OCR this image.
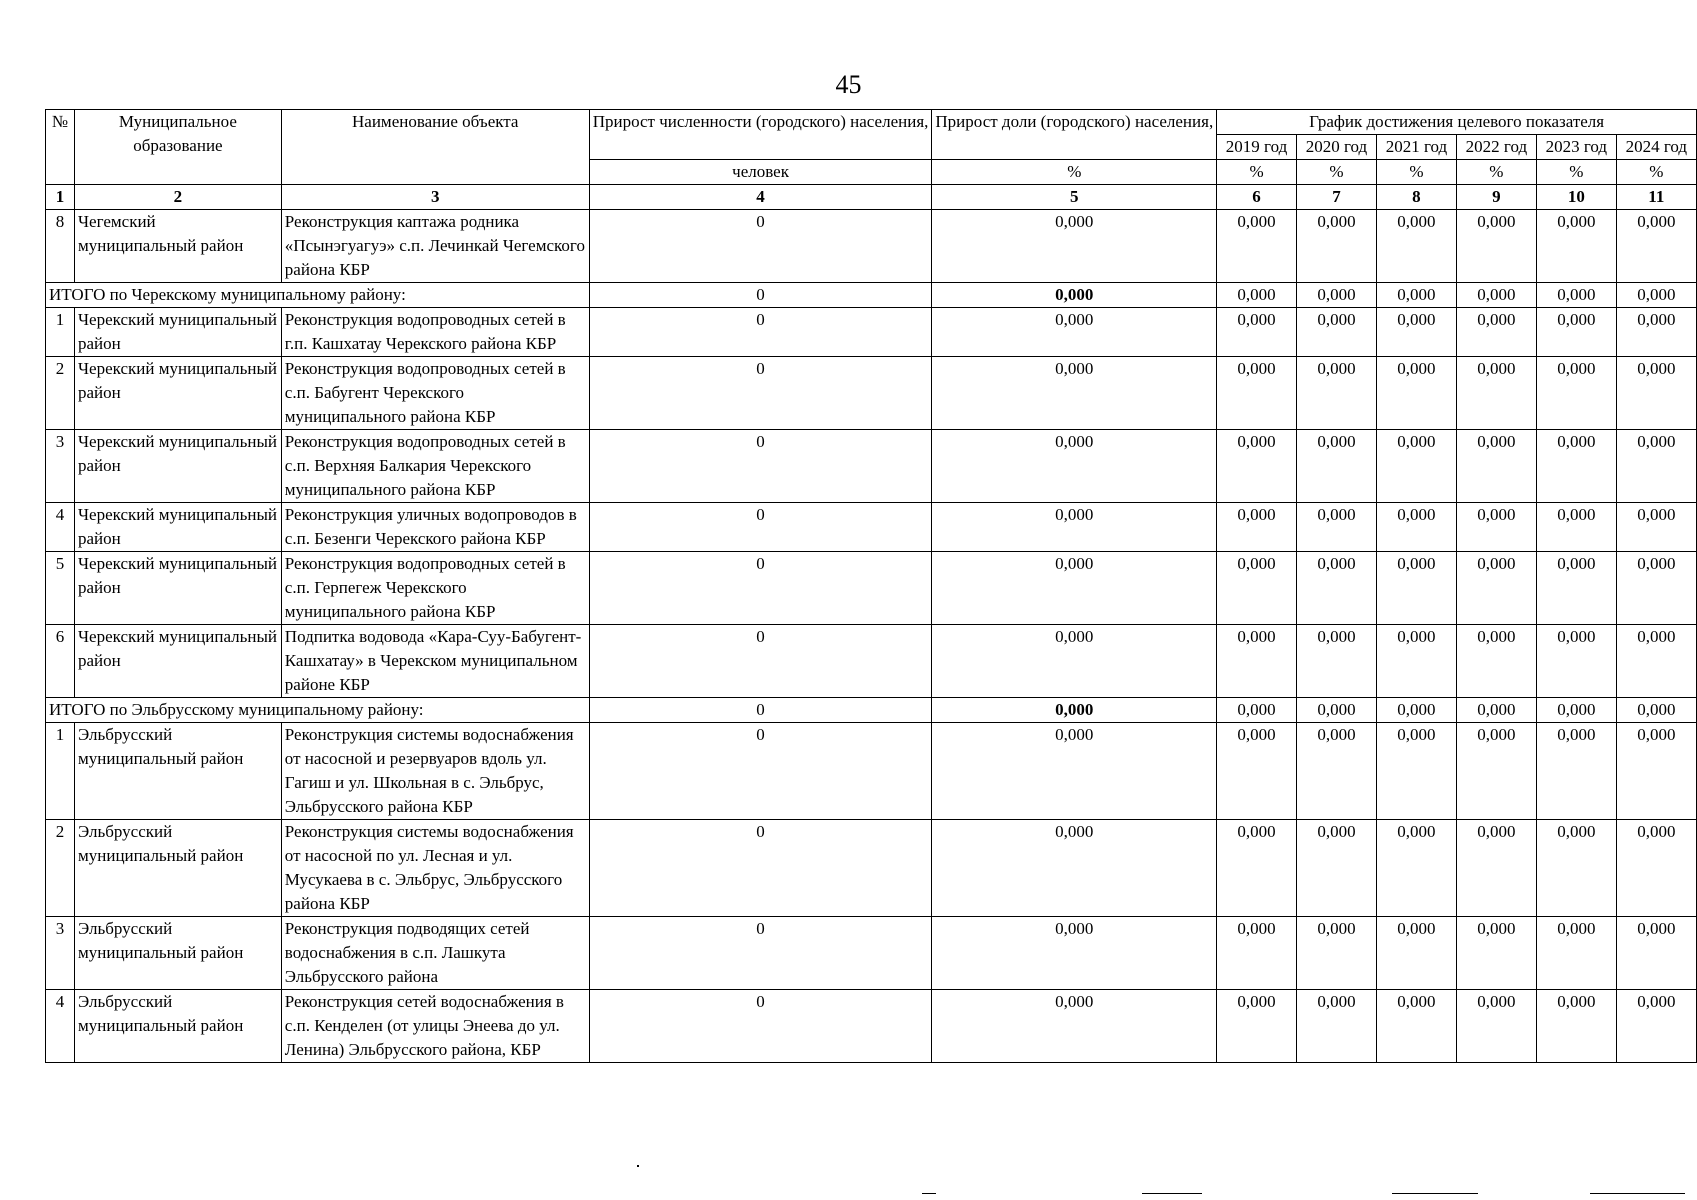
45
№	Муниципальное образование	Наименование объекта	Прирост численности (городского) населения,	Прирост доли (городского) населения,	График достижения целевого показателя					
					2019 год	2020 год	2021 год	2022 год	2023 год	2024 год
			человек	%	%	%	%	%	%	%
1	2	3	4	5	6	7	8	9	10	11
8	Чегемский муниципальный район	Реконструкция каптажа родника «Псынэгуагуэ» с.п. Лечинкай Чегемского района КБР	0	0,000	0,000	0,000	0,000	0,000	0,000	0,000
ИТОГО по Черекскому муниципальному району:			0	0,000	0,000	0,000	0,000	0,000	0,000	0,000
1	Черекский муниципальный район	Реконструкция водопроводных сетей в г.п. Кашхатау Черекского района КБР	0	0,000	0,000	0,000	0,000	0,000	0,000	0,000
2	Черекский муниципальный район	Реконструкция водопроводных сетей в с.п. Бабугент Черекского муниципального района КБР	0	0,000	0,000	0,000	0,000	0,000	0,000	0,000
3	Черекский муниципальный район	Реконструкция водопроводных сетей в с.п. Верхняя Балкария Черекского муниципального района КБР	0	0,000	0,000	0,000	0,000	0,000	0,000	0,000
4	Черекский муниципальный район	Реконструкция уличных водопроводов в с.п. Безенги Черекского района КБР	0	0,000	0,000	0,000	0,000	0,000	0,000	0,000
5	Черекский муниципальный район	Реконструкция водопроводных сетей в с.п. Герпегеж Черекского муниципального района КБР	0	0,000	0,000	0,000	0,000	0,000	0,000	0,000
6	Черекский муниципальный район	Подпитка водовода «Кара-Суу-Бабугент-Кашхатау» в Черекском муниципальном районе КБР	0	0,000	0,000	0,000	0,000	0,000	0,000	0,000
ИТОГО по Эльбрусскому муниципальному району:			0	0,000	0,000	0,000	0,000	0,000	0,000	0,000
1	Эльбрусский муниципальный район	Реконструкция системы водоснабжения от насосной и резервуаров вдоль ул. Гагиш и ул. Школьная в с. Эльбрус, Эльбрусского района КБР	0	0,000	0,000	0,000	0,000	0,000	0,000	0,000
2	Эльбрусский муниципальный район	Реконструкция системы водоснабжения от насосной по ул. Лесная и ул. Мусукаева в с. Эльбрус, Эльбрусского района КБР	0	0,000	0,000	0,000	0,000	0,000	0,000	0,000
3	Эльбрусский муниципальный район	Реконструкция подводящих сетей водоснабжения в с.п. Лашкута Эльбрусского района	0	0,000	0,000	0,000	0,000	0,000	0,000	0,000
4	Эльбрусский муниципальный район	Реконструкция сетей водоснабжения в с.п. Кенделен (от улицы Энеева до ул. Ленина) Эльбрусского района, КБР	0	0,000	0,000	0,000	0,000	0,000	0,000	0,000
